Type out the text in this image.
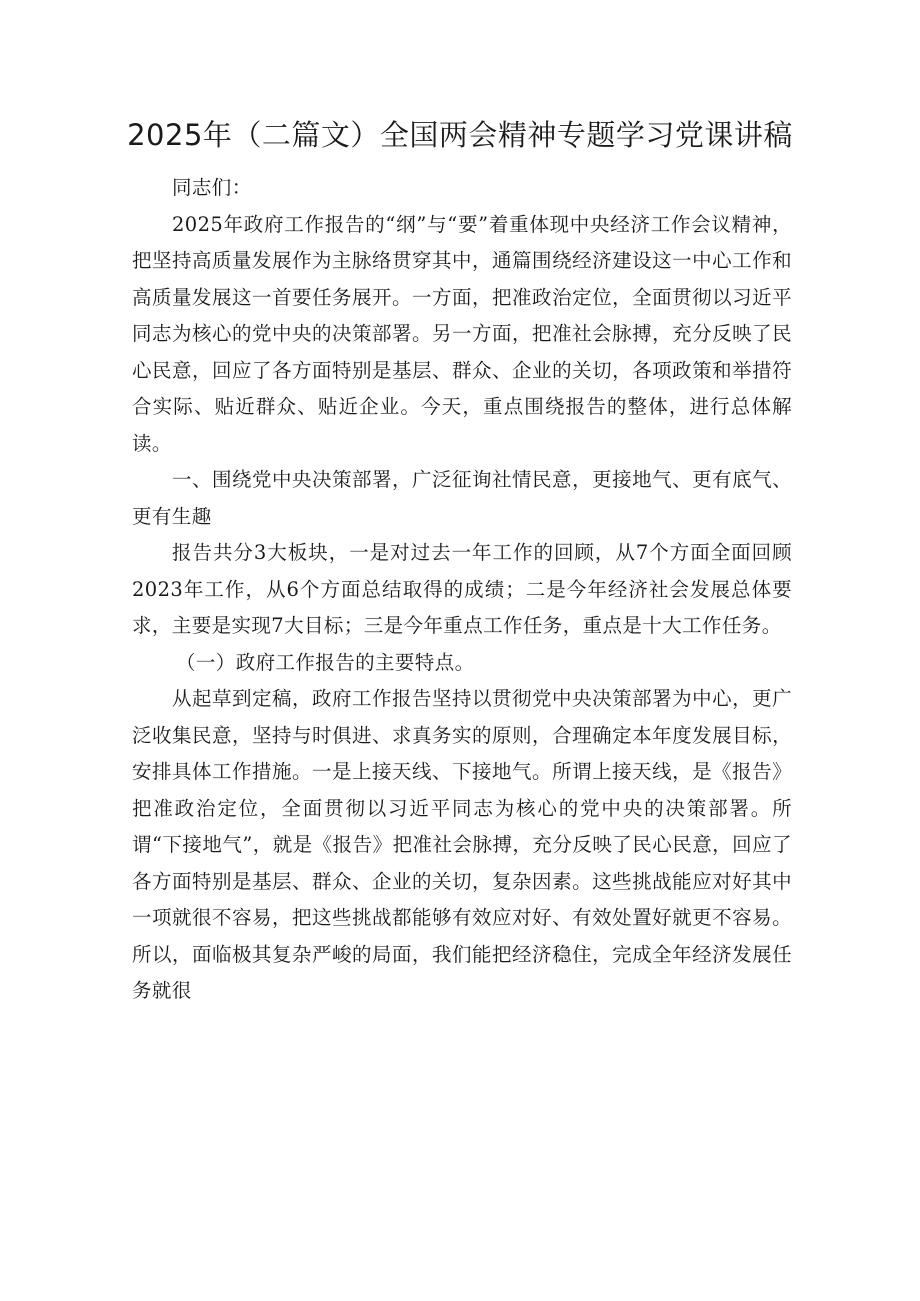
2025年（二篇文）全国两会精神专题学习党课讲稿

同志们：

2025年政府工作报告的“纲”与“要”着重体现中央经济工作会议精神，把坚持高质量发展作为主脉络贯穿其中，通篇围绕经济建设这一中心工作和高质量发展这一首要任务展开。一方面，把准政治定位，全面贯彻以习近平同志为核心的党中央的决策部署。另一方面，把准社会脉搏，充分反映了民心民意，回应了各方面特别是基层、群众、企业的关切，各项政策和举措符合实际、贴近群众、贴近企业。今天，重点围绕报告的整体，进行总体解读。

一、围绕党中央决策部署，广泛征询社情民意，更接地气、更有底气、更有生趣

报告共分3大板块，一是对过去一年工作的回顾，从7个方面全面回顾2023年工作，从6个方面总结取得的成绩；二是今年经济社会发展总体要求，主要是实现7大目标；三是今年重点工作任务，重点是十大工作任务。

（一）政府工作报告的主要特点。

从起草到定稿，政府工作报告坚持以贯彻党中央决策部署为中心，更广泛收集民意，坚持与时俱进、求真务实的原则，合理确定本年度发展目标，安排具体工作措施。一是上接天线、下接地气。所谓上接天线，是《报告》把准政治定位，全面贯彻以习近平同志为核心的党中央的决策部署。所谓“下接地气”，就是《报告》把准社会脉搏，充分反映了民心民意，回应了各方面特别是基层、群众、企业的关切，复杂因素。这些挑战能应对好其中一项就很不容易，把这些挑战都能够有效应对好、有效处置好就更不容易。所以，面临极其复杂严峻的局面，我们能把经济稳住，完成全年经济发展任务就很
